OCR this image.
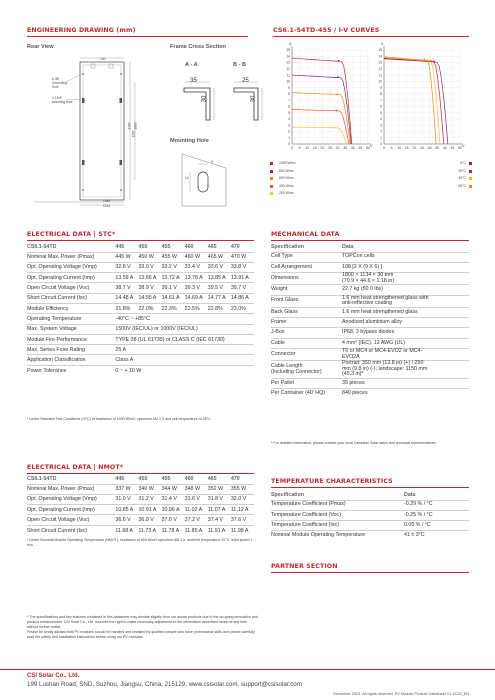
ENGINEERING DRAWING (mm)
Rear View	Frame Cross Section
A - A	B - B
Mounting Hole
100
6-Φ5 Grounding Hole
4-14x9 Mounting Hole
1150
1764 1800
1084
1134
35
30
25
30
9
14
CS6.1-54TD-455 / I-V CURVES
A
V
0
1
2
3
4
5
6
7
8
9
10
11
12
13
14
15
0 5 10 15 20 25 30 35 40 45 50
A
V
0
1
2
3
4
5
6
7
8
9
10
11
12
13
14
15
0 5 10 15 20 25 30 35 40 45 50
1000 W/m²
800 W/m²
600 W/m²
400 W/m²
200 W/m²
5°C
25°C
45°C
65°C
ELECTRICAL DATA | STC*
CS6.1-54TD	445	450	455	460	465	470
Nominal Max. Power (Pmax)	445 W	450 W	455 W	460 W	465 W	470 W
Opt. Operating Voltage (Vmp)	32.8 V	33.0 V	33.2 V	33.4 V	33.6 V	33.8 V
Opt. Operating Current (Imp)	13.59 A	13.66 A	13.72 A	13.78 A	13.85 A	13.91 A
Open Circuit Voltage (Voc)	38.7 V	38.9 V	39.1 V	39.3 V	39.5 V	39.7 V
Short Circuit Current (Isc)	14.48 A	14.55 A	14.61 A	14.69 A	14.77 A	14.86 A
Module Efficiency	21.8%	22.0%	22.3%	22.5%	22.8%	23.0%
Operating Temperature	-40°C ~ +85°C					
Max. System Voltage	1500V (IEC/UL) or 1000V (IEC/UL)					
Module Fire Performance	TYPE 38 (UL 61730) or CLASS C (IEC 61730)					
Max. Series Fuse Rating	25 A					
Application Classification	Class A					
Power Tolerance	0 ~ + 10 W					
* Under Standard Test Conditions (STC) of irradiance of 1000 W/m2, spectrum AM 1.5 and cell temperature of 25°C.
ELECTRICAL DATA | NMOT*
CS6.1-54TD	445	450	455	460	465	470
Nominal Max. Power (Pmax)	337 W	340 W	344 W	348 W	352 W	355 W
Opt. Operating Voltage (Vmp)	31.0 V	31.2 V	31.4 V	31.6 V	31.8 V	32.0 V
Opt. Operating Current (Imp)	10.85 A	10.91 A	10.96 A	11.02 A	11.07 A	11.12 A
Open Circuit Voltage (Voc)	36.6 V	36.8 V	37.0 V	37.2 V	37.4 V	37.6 V
Short Circuit Current (Isc)	11.68 A	11.73 A	11.78 A	11.85 A	11.91 A	11.98 A
* Under Nominal Module Operating Temperature (NMOT), irradiance of 800 W/m2 spectrum AM 1.5, ambient temperature 20°C, wind speed 1 m/s.
MECHANICAL DATA
Specification	Data
Cell Type	TOPCon cells
Cell Arrangement	108 [2 X (9 X 6) ]
Dimensions	1800 × 1134 × 30 mm
(70.9 × 44.6 × 1.18 in)
Weight	22.7 kg (50.0 lbs)
Front Glass	1.6 mm heat strengthened glass with
anti-reflective coating
Back Glass	1.6 mm heat strengthened glass
Frame	Anodized aluminium alloy
J-Box	IP68, 3 bypass diodes
Cable	4 mm² (IEC), 12 AWG (UL)
Connector	T6 or MC4 or MC4-EVO2 or MC4-
EVO2A
Cable Length
(Including Connector)	Portrait: 350 mm (13.8 in) (+) / 250
mm (9.8 in) (-); landscape: 1150 mm
(45.3 in)*
Per Pallet	35 pieces
Per Container (40' HQ)	840 pieces
* For detailed information, please contact your local Canadian Solar sales and technical representatives.
TEMPERATURE CHARACTERISTICS
Specification	Data
Temperature Coefficient (Pmax)	-0.29 % / °C
Temperature Coefficient (Voc)	-0.25 % / °C
Temperature Coefficient (Isc)	0.05 % / °C
Nominal Module Operating Temperature	41 ± 3°C
PARTNER SECTION
* The specifications and key features contained in this datasheet may deviate slightly from our actual products due to the on-going innovation and product enhancement. CSI Solar Co., Ltd. reserves the right to make necessary adjustment to the information described herein at any time without further notice.
Please be kindly advised that PV modules should be handled and installed by qualified people who have professional skills and please carefully read the safety and installation instructions before using our PV modules.
CSI Solar Co., Ltd.
199 Lushan Road, SND, Suzhou, Jiangsu, China, 215129, www.csisolar.com, support@csisolar.com
December 2023. All rights reserved, PV Module Product Datasheet V1.3C25_EN
